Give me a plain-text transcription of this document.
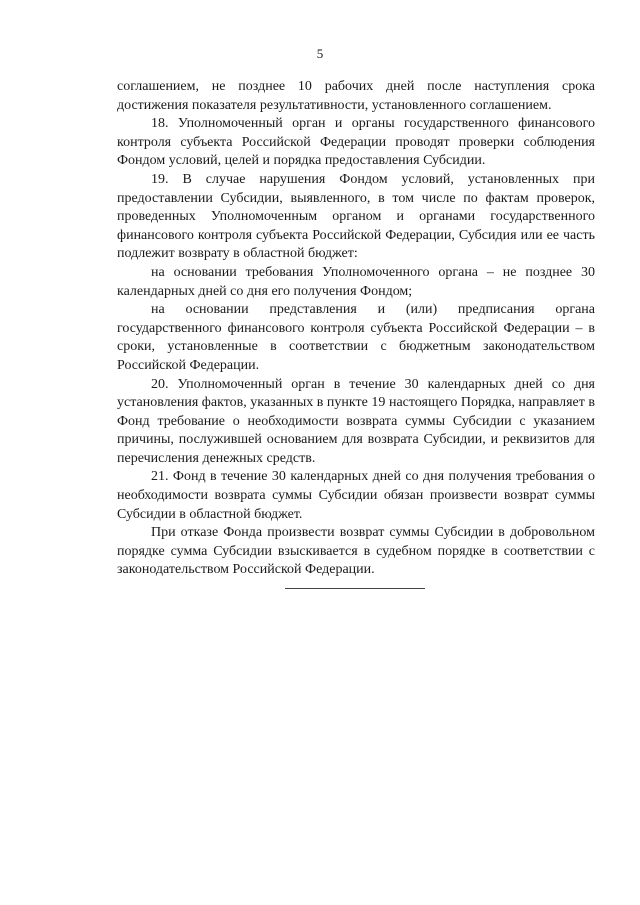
5

соглашением, не позднее 10 рабочих дней после наступления срока достижения показателя результативности, установленного соглашением.

18. Уполномоченный орган и органы государственного финансового контроля субъекта Российской Федерации проводят проверки соблюдения Фондом условий, целей и порядка предоставления Субсидии.

19. В случае нарушения Фондом условий, установленных при предоставлении Субсидии, выявленного, в том числе по фактам проверок, проведенных Уполномоченным органом и органами государственного финансового контроля субъекта Российской Федерации, Субсидия или ее часть подлежит возврату в областной бюджет:

на основании требования Уполномоченного органа – не позднее 30 календарных дней со дня его получения Фондом;

на основании представления и (или) предписания органа государственного финансового контроля субъекта Российской Федерации – в сроки, установленные в соответствии с бюджетным законодательством Российской Федерации.

20. Уполномоченный орган в течение 30 календарных дней со дня установления фактов, указанных в пункте 19 настоящего Порядка, направляет в Фонд требование о необходимости возврата суммы Субсидии с указанием причины, послужившей основанием для возврата Субсидии, и реквизитов для перечисления денежных средств.

21. Фонд в течение 30 календарных дней со дня получения требования о необходимости возврата суммы Субсидии обязан произвести возврат суммы Субсидии в областной бюджет.

При отказе Фонда произвести возврат суммы Субсидии в добровольном порядке сумма Субсидии взыскивается в судебном порядке в соответствии с законодательством Российской Федерации.
